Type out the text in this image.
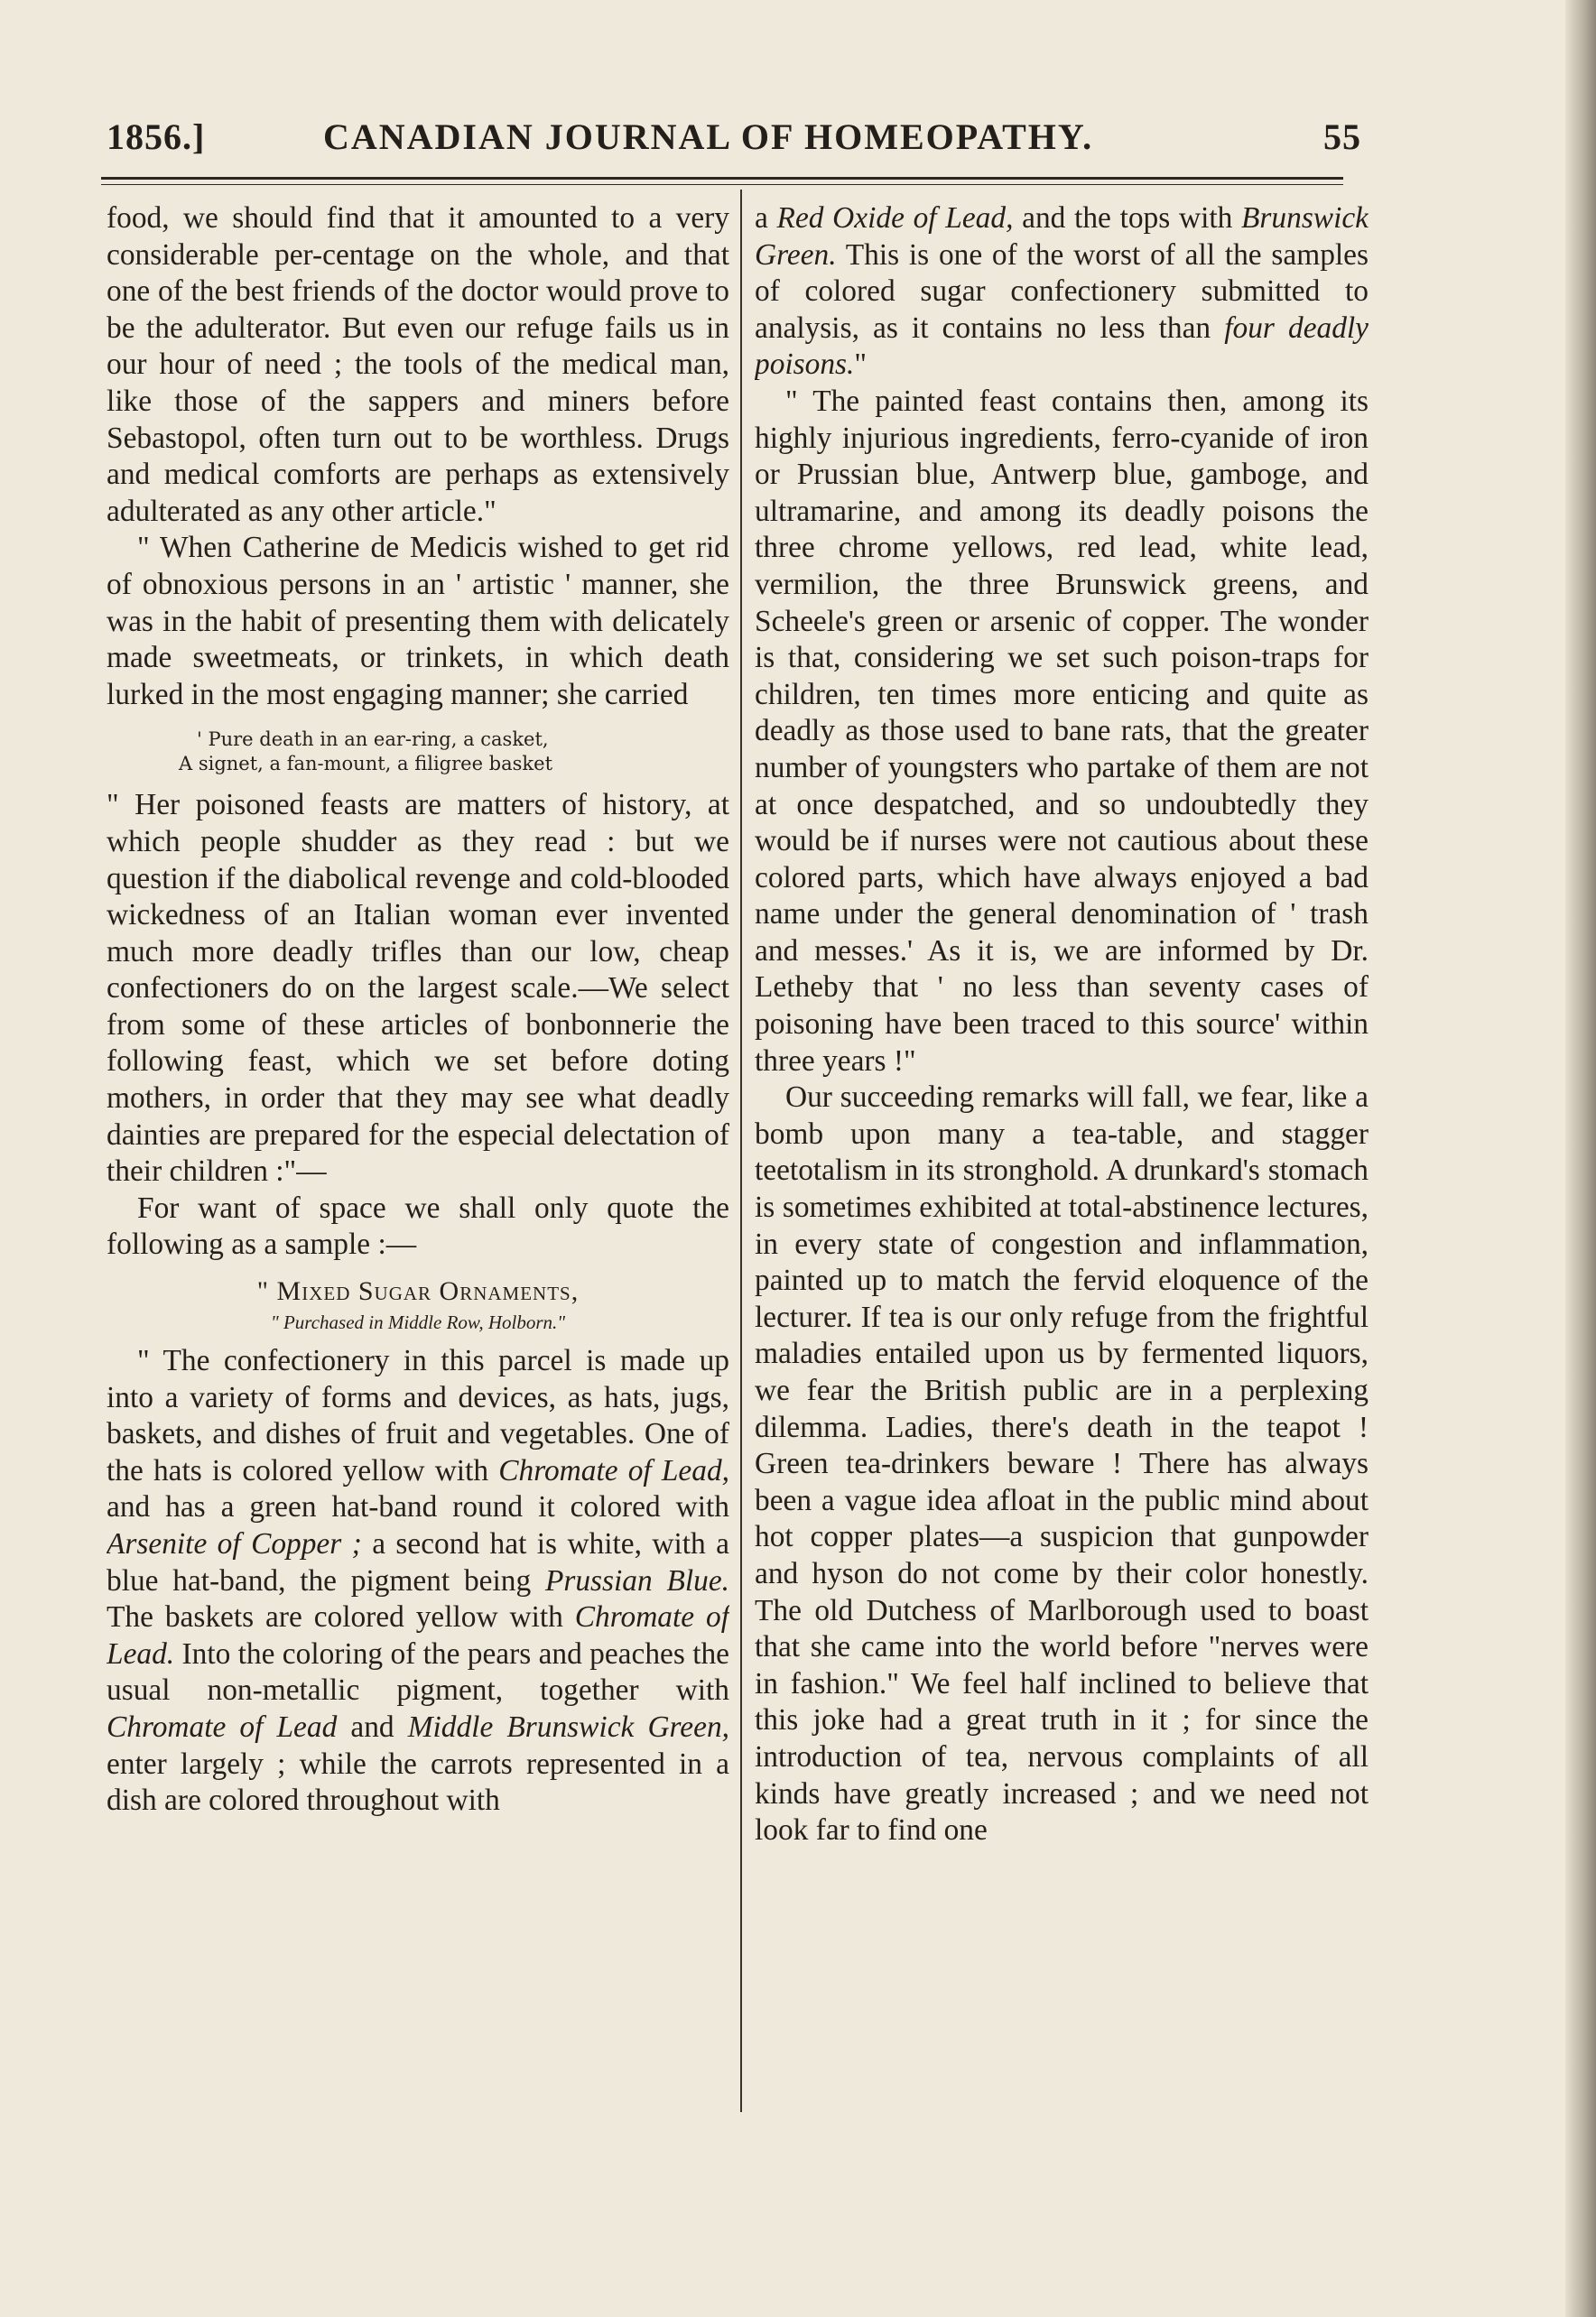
1856.]	CANADIAN JOURNAL OF HOMEOPATHY.	55

food, we should find that it amounted to a very considerable per-centage on the whole, and that one of the best friends of the doctor would prove to be the adulterator. But even our refuge fails us in our hour of need ; the tools of the medical man, like those of the sappers and miners before Sebastopol, often turn out to be worthless. Drugs and medical comforts are perhaps as extensively adulterated as any other article."

" When Catherine de Medicis wished to get rid of obnoxious persons in an ' artistic ' manner, she was in the habit of presenting them with delicately made sweetmeats, or trinkets, in which death lurked in the most engaging manner; she carried

' Pure death in an ear-ring, a casket,
A signet, a fan-mount, a filigree basket

" Her poisoned feasts are matters of history, at which people shudder as they read : but we question if the diabolical revenge and cold-blooded wickedness of an Italian woman ever invented much more deadly trifles than our low, cheap confectioners do on the largest scale.—We select from some of these articles of bonbonnerie the following feast, which we set before doting mothers, in order that they may see what deadly dainties are prepared for the especial delectation of their children :"—

For want of space we shall only quote the following as a sample :—

" Mixed Sugar Ornaments,
" Purchased in Middle Row, Holborn."

" The confectionery in this parcel is made up into a variety of forms and devices, as hats, jugs, baskets, and dishes of fruit and vegetables. One of the hats is colored yellow with Chromate of Lead, and has a green hat-band round it colored with Arsenite of Copper ; a second hat is white, with a blue hat-band, the pigment being Prussian Blue. The baskets are colored yellow with Chromate of Lead. Into the coloring of the pears and peaches the usual non-metallic pigment, together with Chromate of Lead and Middle Brunswick Green, enter largely ; while the carrots represented in a dish are colored throughout with

a Red Oxide of Lead, and the tops with Brunswick Green. This is one of the worst of all the samples of colored sugar confectionery submitted to analysis, as it contains no less than four deadly poisons."

" The painted feast contains then, among its highly injurious ingredients, ferro-cyanide of iron or Prussian blue, Antwerp blue, gamboge, and ultramarine, and among its deadly poisons the three chrome yellows, red lead, white lead, vermilion, the three Brunswick greens, and Scheele's green or arsenic of copper. The wonder is that, considering we set such poison-traps for children, ten times more enticing and quite as deadly as those used to bane rats, that the greater number of youngsters who partake of them are not at once despatched, and so undoubtedly they would be if nurses were not cautious about these colored parts, which have always enjoyed a bad name under the general denomination of ' trash and messes.' As it is, we are informed by Dr. Letheby that ' no less than seventy cases of poisoning have been traced to this source' within three years !"

Our succeeding remarks will fall, we fear, like a bomb upon many a tea-table, and stagger teetotalism in its stronghold. A drunkard's stomach is sometimes exhibited at total-abstinence lectures, in every state of congestion and inflammation, painted up to match the fervid eloquence of the lecturer. If tea is our only refuge from the frightful maladies entailed upon us by fermented liquors, we fear the British public are in a perplexing dilemma. Ladies, there's death in the teapot ! Green tea-drinkers beware ! There has always been a vague idea afloat in the public mind about hot copper plates—a suspicion that gunpowder and hyson do not come by their color honestly. The old Dutchess of Marlborough used to boast that she came into the world before "nerves were in fashion." We feel half inclined to believe that this joke had a great truth in it ; for since the introduction of tea, nervous complaints of all kinds have greatly increased ; and we need not look far to find one
